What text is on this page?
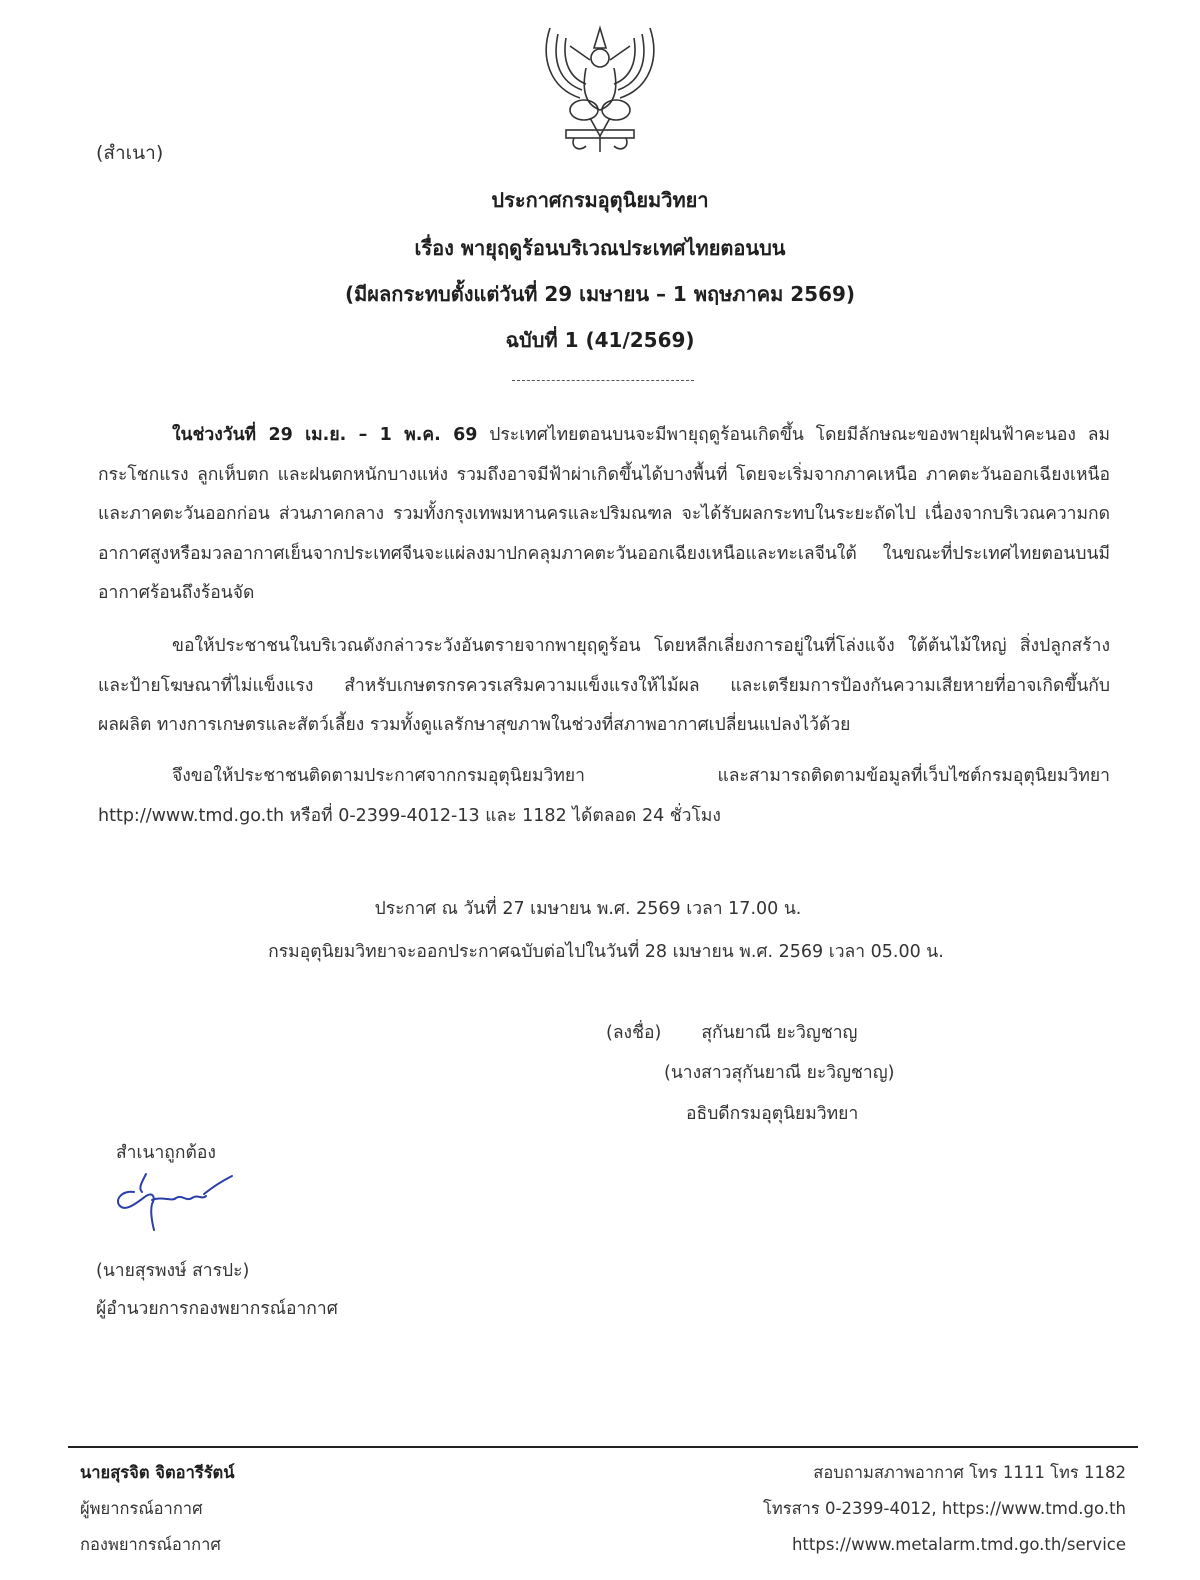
(สำเนา)
ประกาศกรมอุตุนิยมวิทยา
เรื่อง พายุฤดูร้อนบริเวณประเทศไทยตอนบน
(มีผลกระทบตั้งแต่วันที่ 29 เมษายน – 1 พฤษภาคม 2569)
ฉบับที่ 1 (41/2569)
ในช่วงวันที่ 29 เม.ย. – 1 พ.ค. 69 ประเทศไทยตอนบนจะมีพายุฤดูร้อนเกิดขึ้น โดยมีลักษณะของพายุฝนฟ้าคะนอง ลมกระโชกแรง ลูกเห็บตก และฝนตกหนักบางแห่ง รวมถึงอาจมีฟ้าผ่าเกิดขึ้นได้บางพื้นที่ โดยจะเริ่มจากภาคเหนือ ภาคตะวันออกเฉียงเหนือ และภาคตะวันออกก่อน ส่วนภาคกลาง รวมทั้งกรุงเทพมหานครและปริมณฑล จะได้รับผลกระทบในระยะถัดไป เนื่องจากบริเวณความกดอากาศสูงหรือมวลอากาศเย็นจากประเทศจีนจะแผ่ลงมาปกคลุมภาคตะวันออกเฉียงเหนือและทะเลจีนใต้ ในขณะที่ประเทศไทยตอนบนมีอากาศร้อนถึงร้อนจัด
ขอให้ประชาชนในบริเวณดังกล่าวระวังอันตรายจากพายุฤดูร้อน โดยหลีกเลี่ยงการอยู่ในที่โล่งแจ้ง ใต้ต้นไม้ใหญ่ สิ่งปลูกสร้าง และป้ายโฆษณาที่ไม่แข็งแรง สำหรับเกษตรกรควรเสริมความแข็งแรงให้ไม้ผล และเตรียมการป้องกันความเสียหายที่อาจเกิดขึ้นกับผลผลิต ทางการเกษตรและสัตว์เลี้ยง รวมทั้งดูแลรักษาสุขภาพในช่วงที่สภาพอากาศเปลี่ยนแปลงไว้ด้วย
จึงขอให้ประชาชนติดตามประกาศจากกรมอุตุนิยมวิทยา และสามารถติดตามข้อมูลที่เว็บไซต์กรมอุตุนิยมวิทยา http://www.tmd.go.th หรือที่ 0-2399-4012-13 และ 1182 ได้ตลอด 24 ชั่วโมง
ประกาศ ณ วันที่ 27 เมษายน พ.ศ. 2569 เวลา 17.00 น.
กรมอุตุนิยมวิทยาจะออกประกาศฉบับต่อไปในวันที่ 28 เมษายน พ.ศ. 2569 เวลา 05.00 น.
(ลงชื่อ) สุกันยาณี ยะวิญชาญ
(นางสาวสุกันยาณี ยะวิญชาญ)
อธิบดีกรมอุตุนิยมวิทยา
สำเนาถูกต้อง
(นายสุรพงษ์ สารปะ)
ผู้อำนวยการกองพยากรณ์อากาศ
นายสุรจิต จิตอารีรัตน์
ผู้พยากรณ์อากาศ
กองพยากรณ์อากาศ
สอบถามสภาพอากาศ โทร 1111 โทร 1182
โทรสาร 0-2399-4012, https://www.tmd.go.th
https://www.metalarm.tmd.go.th/service
